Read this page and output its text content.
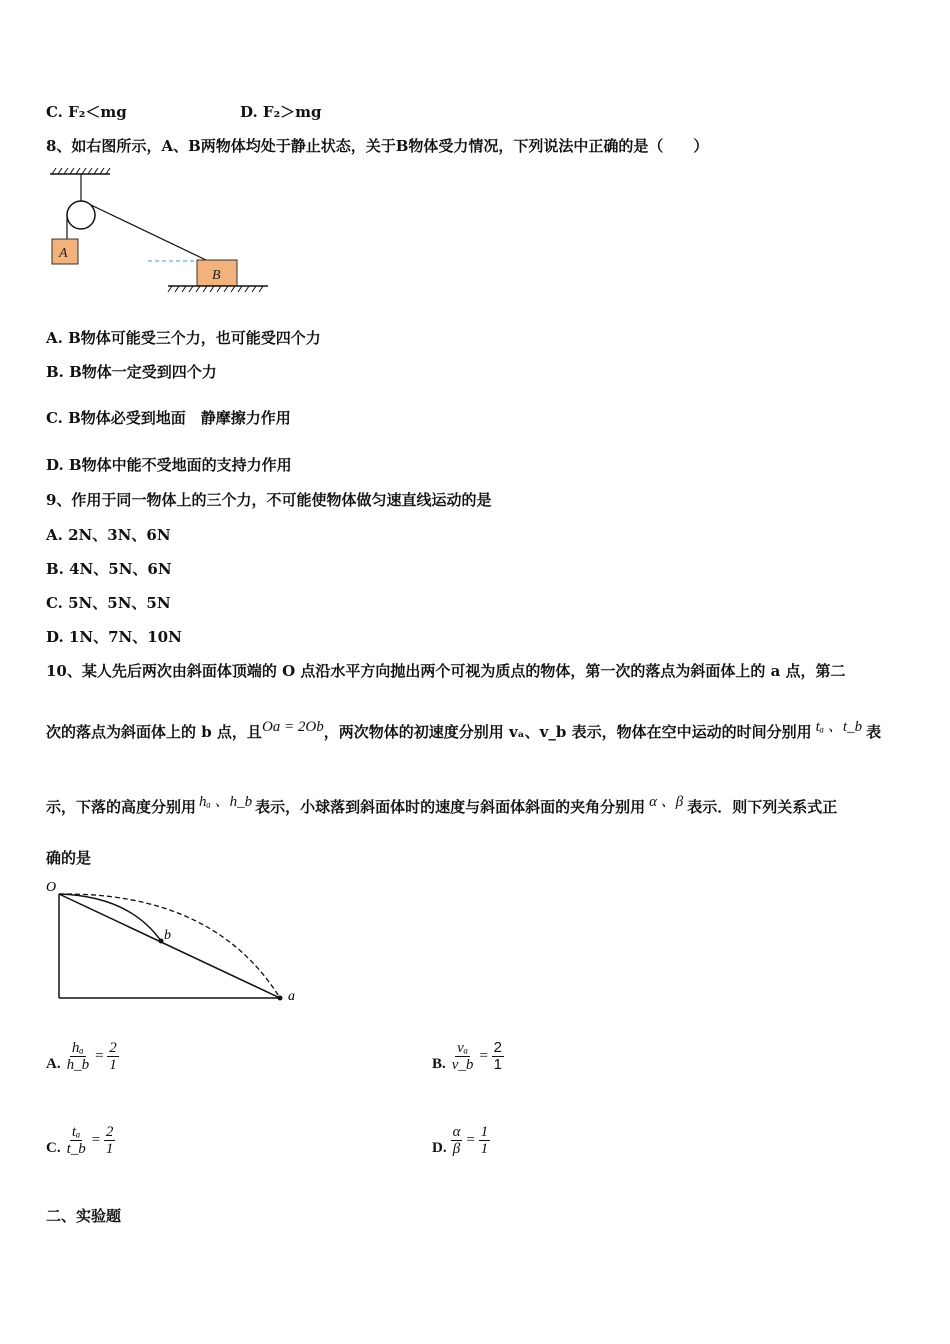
C. F₂＜mg	D. F₂＞mg
8、如右图所示，A、B两物体均处于静止状态，关于B物体受力情况，下列说法中正确的是（　　）
A
B
A. B物体可能受三个力，也可能受四个力
B. B物体一定受到四个力
C. B物体必受到地面　静摩擦力作用
D. B物体中能不受地面的支持力作用
9、作用于同一物体上的三个力，不可能使物体做匀速直线运动的是
A. 2N、3N、6N
B. 4N、5N、6N
C. 5N、5N、5N
D. 1N、7N、10N
10、某人先后两次由斜面体顶端的 O 点沿水平方向抛出两个可视为质点的物体，第一次的落点为斜面体上的 a 点，第二
次的落点为斜面体上的 b 点，且Oa = 2Ob，两次物体的初速度分别用 vₐ、v_b 表示，物体在空中运动的时间分别用 tₐ 、t_b 表
示，下落的高度分别用 hₐ 、h_b 表示，小球落到斜面体时的速度与斜面体斜面的夹角分别用 α 、β 表示．则下列关系式正
确的是
O
b
a
A. $\frac{\text{hₐ}}{h\_b} = \frac{2}{1}$	B. $\frac{\text{vₐ}}{v\_b} = \frac{2}{1}$
C. $\frac{\text{tₐ}}{t\_b} = \frac{2}{1}$	D. $\frac{\alpha}{\beta} = \frac{1}{1}$
二、实验题
